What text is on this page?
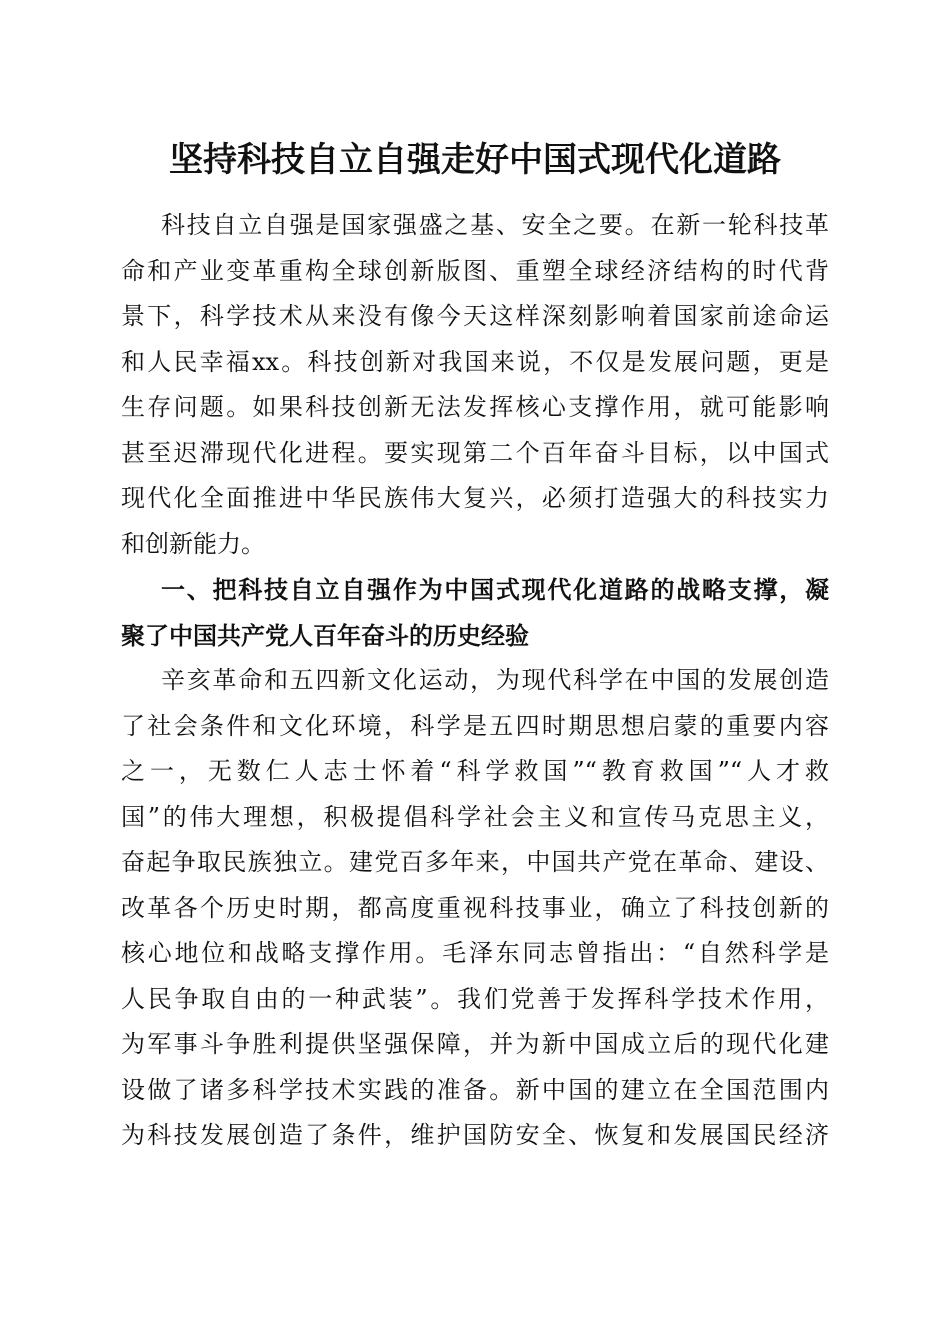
坚持科技自立自强走好中国式现代化道路
科技自立自强是国家强盛之基、安全之要。在新一轮科技革
命和产业变革重构全球创新版图、重塑全球经济结构的时代背
景下，科学技术从来没有像今天这样深刻影响着国家前途命运
和人民幸福xx。科技创新对我国来说，不仅是发展问题，更是
生存问题。如果科技创新无法发挥核心支撑作用，就可能影响
甚至迟滞现代化进程。要实现第二个百年奋斗目标，以中国式
现代化全面推进中华民族伟大复兴，必须打造强大的科技实力
和创新能力。
一、把科技自立自强作为中国式现代化道路的战略支撑，凝
聚了中国共产党人百年奋斗的历史经验
辛亥革命和五四新文化运动，为现代科学在中国的发展创造
了社会条件和文化环境，科学是五四时期思想启蒙的重要内容
之一，无数仁人志士怀着“科学救国”“教育救国”“人才救
国”的伟大理想，积极提倡科学社会主义和宣传马克思主义，
奋起争取民族独立。建党百多年来，中国共产党在革命、建设、
改革各个历史时期，都高度重视科技事业，确立了科技创新的
核心地位和战略支撑作用。毛泽东同志曾指出：“自然科学是
人民争取自由的一种武装”。我们党善于发挥科学技术作用，
为军事斗争胜利提供坚强保障，并为新中国成立后的现代化建
设做了诸多科学技术实践的准备。新中国的建立在全国范围内
为科技发展创造了条件，维护国防安全、恢复和发展国民经济
